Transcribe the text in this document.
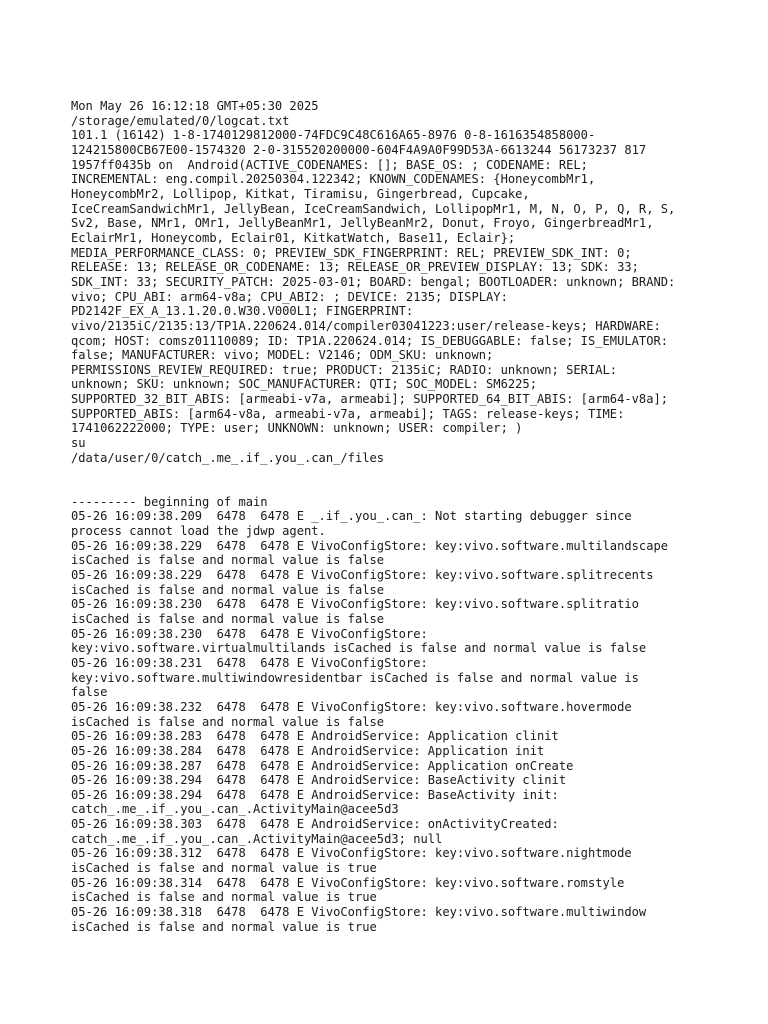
Mon May 26 16:12:18 GMT+05:30 2025
/storage/emulated/0/logcat.txt
101.1 (16142) 1-8-1740129812000-74FDC9C48C616A65-8976 0-8-1616354858000-
124215800CB67E00-1574320 2-0-315520200000-604F4A9A0F99D53A-6613244 56173237 817
1957ff0435b on  Android(ACTIVE_CODENAMES: []; BASE_OS: ; CODENAME: REL;
INCREMENTAL: eng.compil.20250304.122342; KNOWN_CODENAMES: {HoneycombMr1,
HoneycombMr2, Lollipop, Kitkat, Tiramisu, Gingerbread, Cupcake,
IceCreamSandwichMr1, JellyBean, IceCreamSandwich, LollipopMr1, M, N, O, P, Q, R, S,
Sv2, Base, NMr1, OMr1, JellyBeanMr1, JellyBeanMr2, Donut, Froyo, GingerbreadMr1,
EclairMr1, Honeycomb, Eclair01, KitkatWatch, Base11, Eclair};
MEDIA_PERFORMANCE_CLASS: 0; PREVIEW_SDK_FINGERPRINT: REL; PREVIEW_SDK_INT: 0;
RELEASE: 13; RELEASE_OR_CODENAME: 13; RELEASE_OR_PREVIEW_DISPLAY: 13; SDK: 33;
SDK_INT: 33; SECURITY_PATCH: 2025-03-01; BOARD: bengal; BOOTLOADER: unknown; BRAND:
vivo; CPU_ABI: arm64-v8a; CPU_ABI2: ; DEVICE: 2135; DISPLAY:
PD2142F_EX_A_13.1.20.0.W30.V000L1; FINGERPRINT:
vivo/2135iC/2135:13/TP1A.220624.014/compiler03041223:user/release-keys; HARDWARE:
qcom; HOST: comsz01110089; ID: TP1A.220624.014; IS_DEBUGGABLE: false; IS_EMULATOR:
false; MANUFACTURER: vivo; MODEL: V2146; ODM_SKU: unknown;
PERMISSIONS_REVIEW_REQUIRED: true; PRODUCT: 2135iC; RADIO: unknown; SERIAL:
unknown; SKU: unknown; SOC_MANUFACTURER: QTI; SOC_MODEL: SM6225;
SUPPORTED_32_BIT_ABIS: [armeabi-v7a, armeabi]; SUPPORTED_64_BIT_ABIS: [arm64-v8a];
SUPPORTED_ABIS: [arm64-v8a, armeabi-v7a, armeabi]; TAGS: release-keys; TIME:
1741062222000; TYPE: user; UNKNOWN: unknown; USER: compiler; )
su
/data/user/0/catch_.me_.if_.you_.can_/files
--------- beginning of main
05-26 16:09:38.209  6478  6478 E _.if_.you_.can_: Not starting debugger since
process cannot load the jdwp agent.
05-26 16:09:38.229  6478  6478 E VivoConfigStore: key:vivo.software.multilandscape
isCached is false and normal value is false
05-26 16:09:38.229  6478  6478 E VivoConfigStore: key:vivo.software.splitrecents
isCached is false and normal value is false
05-26 16:09:38.230  6478  6478 E VivoConfigStore: key:vivo.software.splitratio
isCached is false and normal value is false
05-26 16:09:38.230  6478  6478 E VivoConfigStore:
key:vivo.software.virtualmultilands isCached is false and normal value is false
05-26 16:09:38.231  6478  6478 E VivoConfigStore:
key:vivo.software.multiwindowresidentbar isCached is false and normal value is
false
05-26 16:09:38.232  6478  6478 E VivoConfigStore: key:vivo.software.hovermode
isCached is false and normal value is false
05-26 16:09:38.283  6478  6478 E AndroidService: Application clinit
05-26 16:09:38.284  6478  6478 E AndroidService: Application init
05-26 16:09:38.287  6478  6478 E AndroidService: Application onCreate
05-26 16:09:38.294  6478  6478 E AndroidService: BaseActivity clinit
05-26 16:09:38.294  6478  6478 E AndroidService: BaseActivity init:
catch_.me_.if_.you_.can_.ActivityMain@acee5d3
05-26 16:09:38.303  6478  6478 E AndroidService: onActivityCreated:
catch_.me_.if_.you_.can_.ActivityMain@acee5d3; null
05-26 16:09:38.312  6478  6478 E VivoConfigStore: key:vivo.software.nightmode
isCached is false and normal value is true
05-26 16:09:38.314  6478  6478 E VivoConfigStore: key:vivo.software.romstyle
isCached is false and normal value is true
05-26 16:09:38.318  6478  6478 E VivoConfigStore: key:vivo.software.multiwindow
isCached is false and normal value is true
